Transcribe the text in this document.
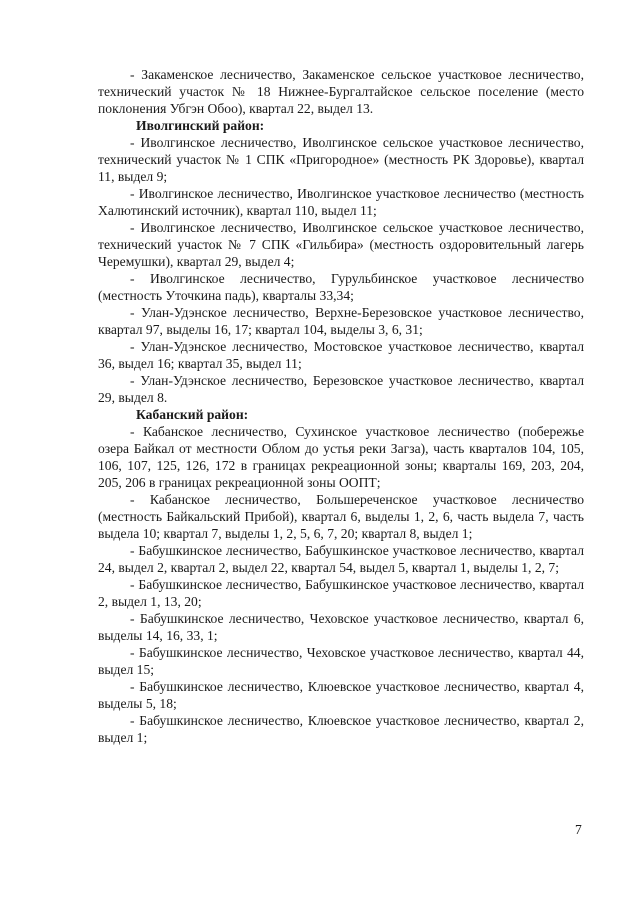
- Закаменское лесничество, Закаменское сельское участковое лесничество, технический участок № 18 Нижнее-Бургалтайское сельское поселение (место поклонения Убгэн Обоо), квартал 22, выдел 13.

Иволгинский район:

- Иволгинское лесничество, Иволгинское сельское участковое лесничество, технический участок № 1 СПК «Пригородное» (местность РК Здоровье), квартал 11, выдел 9;

- Иволгинское лесничество, Иволгинское участковое лесничество (местность Халютинский источник), квартал 110, выдел 11;

- Иволгинское лесничество, Иволгинское сельское участковое лесничество, технический участок № 7 СПК «Гильбира» (местность оздоровительный лагерь Черемушки), квартал 29, выдел 4;

- Иволгинское лесничество, Гурульбинское участковое лесничество (местность Уточкина падь), кварталы 33,34;

- Улан-Удэнское лесничество, Верхне-Березовское участковое лесничество, квартал 97, выделы 16, 17; квартал 104, выделы 3, 6, 31;

- Улан-Удэнское лесничество, Мостовское участковое лесничество, квартал 36, выдел 16; квартал 35, выдел 11;

- Улан-Удэнское лесничество, Березовское участковое лесничество, квартал 29, выдел 8.

Кабанский район:

- Кабанское лесничество, Сухинское участковое лесничество (побережье озера Байкал от местности Облом до устья реки Загза), часть кварталов 104, 105, 106, 107, 125, 126, 172 в границах рекреационной зоны; кварталы 169, 203, 204, 205, 206 в границах рекреационной зоны ООПТ;

- Кабанское лесничество, Большереченское участковое лесничество (местность Байкальский Прибой), квартал 6, выделы 1, 2, 6, часть выдела 7, часть выдела 10; квартал 7, выделы 1, 2, 5, 6, 7, 20; квартал 8, выдел 1;

- Бабушкинское лесничество, Бабушкинское участковое лесничество, квартал 24, выдел 2, квартал 2, выдел 22, квартал 54, выдел 5, квартал 1, выделы 1, 2, 7;

- Бабушкинское лесничество, Бабушкинское участковое лесничество, квартал 2, выдел 1, 13, 20;

- Бабушкинское лесничество, Чеховское участковое лесничество, квартал 6, выделы 14, 16, 33, 1;

- Бабушкинское лесничество, Чеховское участковое лесничество, квартал 44, выдел 15;

- Бабушкинское лесничество, Клюевское участковое лесничество, квартал 4, выделы 5, 18;

- Бабушкинское лесничество, Клюевское участковое лесничество, квартал 2, выдел 1;

7
